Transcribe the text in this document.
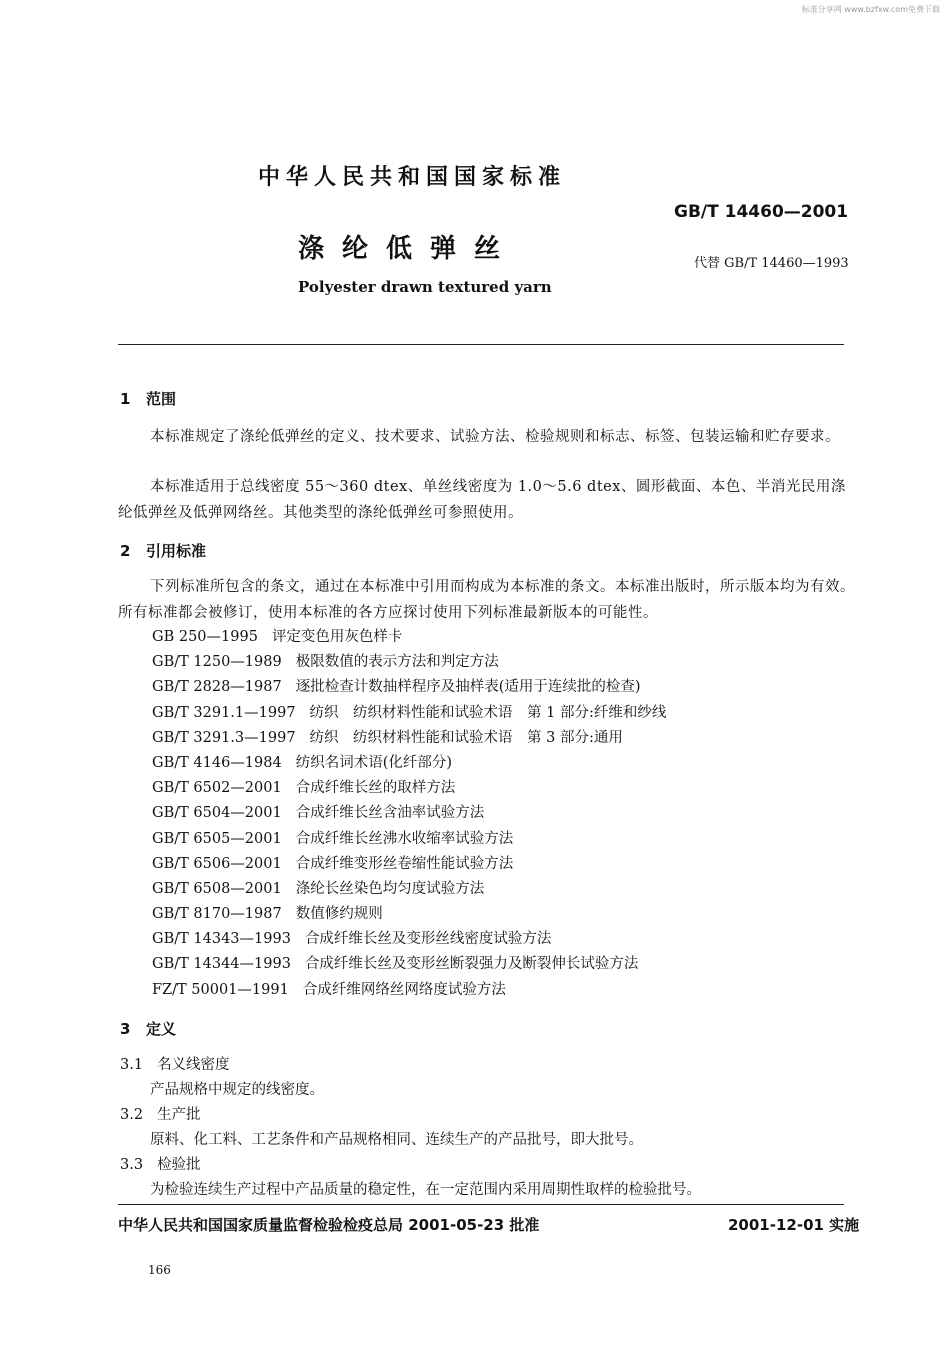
标准分享网 www.bzfxw.com免费下载
中华人民共和国国家标准
GB/T 14460—2001
涤纶低弹丝	代替 GB/T 14460—1993
Polyester drawn textured yarn
1 范围
本标准规定了涤纶低弹丝的定义、技术要求、试验方法、检验规则和标志、标签、包装运输和贮存要求。
本标准适用于总线密度 55～360 dtex、单丝线密度为 1.0～5.6 dtex、圆形截面、本色、半消光民用涤纶低弹丝及低弹网络丝。其他类型的涤纶低弹丝可参照使用。
2 引用标准
下列标准所包含的条文，通过在本标准中引用而构成为本标准的条文。本标准出版时，所示版本均为有效。所有标准都会被修订，使用本标准的各方应探讨使用下列标准最新版本的可能性。
GB 250—1995 评定变色用灰色样卡
GB/T 1250—1989 极限数值的表示方法和判定方法
GB/T 2828—1987 逐批检查计数抽样程序及抽样表(适用于连续批的检查)
GB/T 3291.1—1997 纺织　纺织材料性能和试验术语　第 1 部分:纤维和纱线
GB/T 3291.3—1997 纺织　纺织材料性能和试验术语　第 3 部分:通用
GB/T 4146—1984 纺织名词术语(化纤部分)
GB/T 6502—2001 合成纤维长丝的取样方法
GB/T 6504—2001 合成纤维长丝含油率试验方法
GB/T 6505—2001 合成纤维长丝沸水收缩率试验方法
GB/T 6506—2001 合成纤维变形丝卷缩性能试验方法
GB/T 6508—2001 涤纶长丝染色均匀度试验方法
GB/T 8170—1987 数值修约规则
GB/T 14343—1993 合成纤维长丝及变形丝线密度试验方法
GB/T 14344—1993 合成纤维长丝及变形丝断裂强力及断裂伸长试验方法
FZ/T 50001—1991 合成纤维网络丝网络度试验方法
3 定义
3.1 名义线密度
产品规格中规定的线密度。
3.2 生产批
原料、化工料、工艺条件和产品规格相同、连续生产的产品批号，即大批号。
3.3 检验批
为检验连续生产过程中产品质量的稳定性，在一定范围内采用周期性取样的检验批号。
中华人民共和国国家质量监督检验检疫总局 2001-05-23 批准	2001-12-01 实施
166
